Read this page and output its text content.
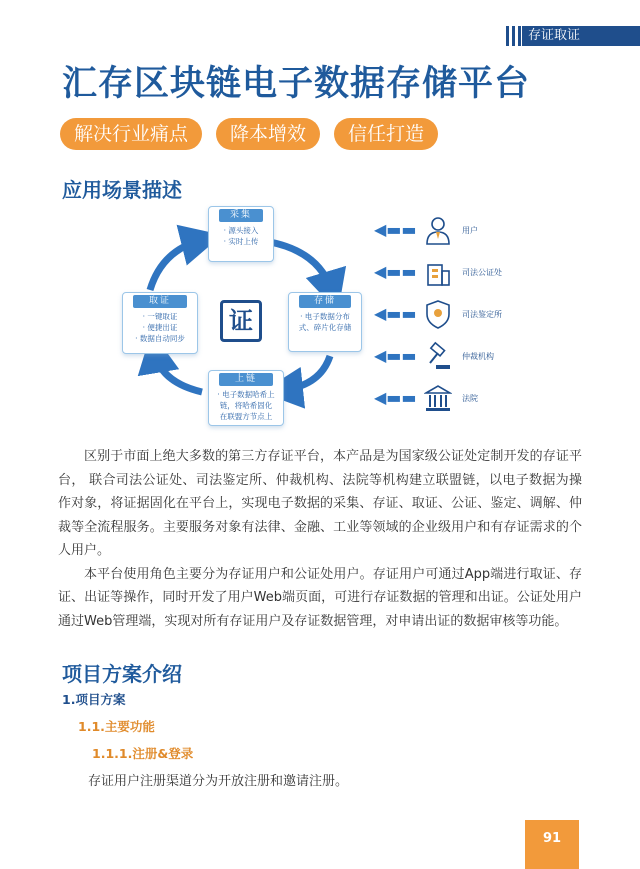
存证取证
汇存区块链电子数据存储平台
解决行业痛点	降本增效	信任打造
应用场景描述
证
采集
· 源头接入
· 实时上传
存储
· 电子数据分布
式、碎片化存储
上链
· 电子数据哈希上
链，将哈希固化
在联盟方节点上
取证
· 一键取证
· 便捷出证
· 数据自动同步
◀▬▬	用户
◀▬▬	司法公证处
◀▬▬	司法鉴定所
◀▬▬	仲裁机构
◀▬▬	法院

区别于市面上绝大多数的第三方存证平台，本产品是为国家级公证处定制开发的存证平台， 联合司法公证处、司法鉴定所、仲裁机构、法院等机构建立联盟链，以电子数据为操作对象，将证据固化在平台上，实现电子数据的采集、存证、取证、公证、鉴定、调解、仲裁等全流程服务。主要服务对象有法律、金融、工业等领域的企业级用户和有存证需求的个人用户。

本平台使用角色主要分为存证用户和公证处用户。存证用户可通过App端进行取证、存证、出证等操作，同时开发了用户Web端页面，可进行存证数据的管理和出证。公证处用户通过Web管理端，实现对所有存证用户及存证数据管理，对申请出证的数据审核等功能。

项目方案介绍
1.项目方案
1.1.主要功能
1.1.1.注册&登录
存证用户注册渠道分为开放注册和邀请注册。
91
